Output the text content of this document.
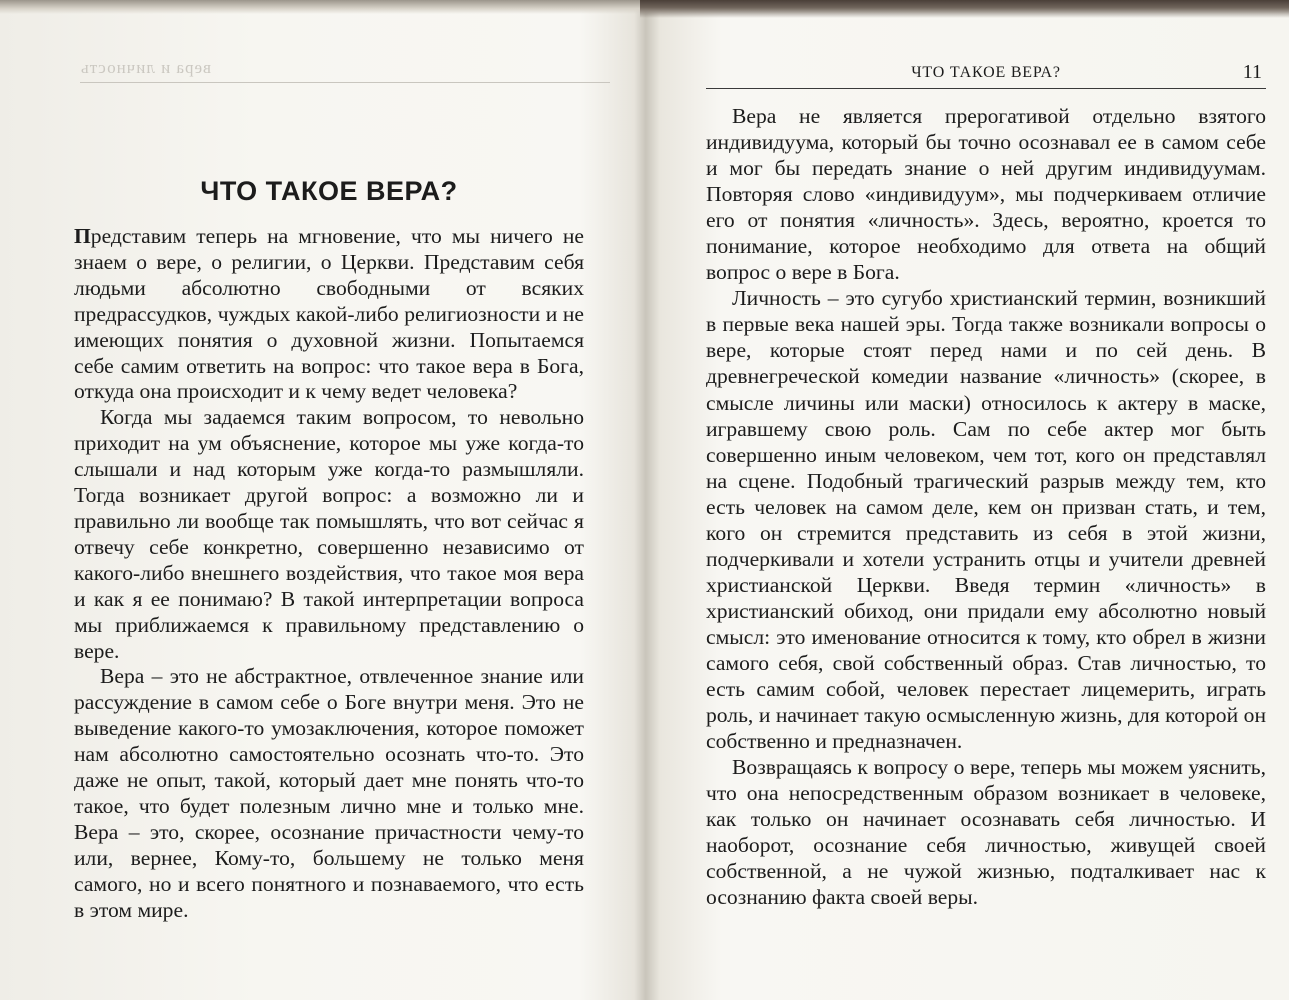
вера и личность
ЧТО ТАКОЕ ВЕРА?

Представим теперь на мгновение, что мы ничего не знаем о вере, о религии, о Церкви. Представим себя людьми абсолютно свободными от всяких предрассудков, чуждых какой-либо религиозности и не имеющих понятия о духовной жизни. Попытаемся себе самим ответить на вопрос: что такое вера в Бога, откуда она происходит и к чему ведет человека?

Когда мы задаемся таким вопросом, то невольно приходит на ум объяснение, которое мы уже когда-то слышали и над которым уже когда-то размышляли. Тогда возникает другой вопрос: а возможно ли и правильно ли вообще так помышлять, что вот сейчас я отвечу себе конкретно, совершенно независимо от какого-либо внешнего воздействия, что такое моя вера и как я ее понимаю? В такой интерпретации вопроса мы приближаемся к правильному представлению о вере.

Вера – это не абстрактное, отвлеченное знание или рассуждение в самом себе о Боге внутри меня. Это не выведение какого-то умозаключения, которое поможет нам абсолютно самостоятельно осознать что-то. Это даже не опыт, такой, который дает мне понять что-то такое, что будет полезным лично мне и только мне. Вера – это, скорее, осознание причастности чему-то или, вернее, Кому-то, большему не только меня самого, но и всего понятного и познаваемого, что есть в этом мире.

ЧТО ТАКОЕ ВЕРА?	11

Вера не является прерогативой отдельно взятого индивидуума, который бы точно осознавал ее в самом себе и мог бы передать знание о ней другим индивидуумам. Повторяя слово «индивидуум», мы подчеркиваем отличие его от понятия «личность». Здесь, вероятно, кроется то понимание, которое необходимо для ответа на общий вопрос о вере в Бога.

Личность – это сугубо христианский термин, возникший в первые века нашей эры. Тогда также возникали вопросы о вере, которые стоят перед нами и по сей день. В древнегреческой комедии название «личность» (скорее, в смысле личины или маски) относилось к актеру в маске, игравшему свою роль. Сам по себе актер мог быть совершенно иным человеком, чем тот, кого он представлял на сцене. Подобный трагический разрыв между тем, кто есть человек на самом деле, кем он призван стать, и тем, кого он стремится представить из себя в этой жизни, подчеркивали и хотели устранить отцы и учители древней христианской Церкви. Введя термин «личность» в христианский обиход, они придали ему абсолютно новый смысл: это именование относится к тому, кто обрел в жизни самого себя, свой собственный образ. Став личностью, то есть самим собой, человек перестает лицемерить, играть роль, и начинает такую осмысленную жизнь, для которой он собственно и предназначен.

Возвращаясь к вопросу о вере, теперь мы можем уяснить, что она непосредственным образом возникает в человеке, как только он начинает осознавать себя личностью. И наоборот, осознание себя личностью, живущей своей собственной, а не чужой жизнью, подталкивает нас к осознанию факта своей веры.
